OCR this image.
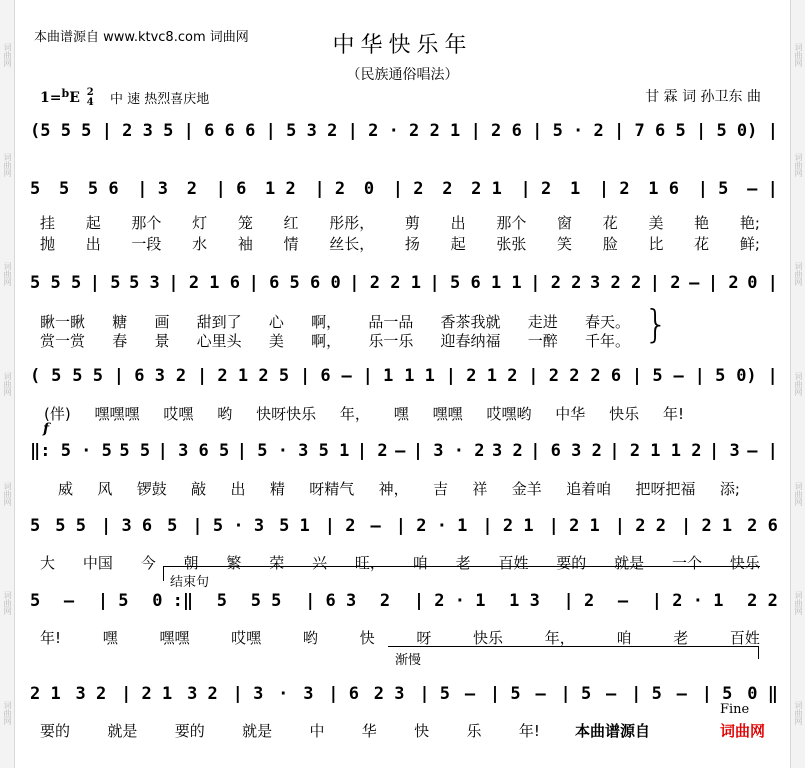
词曲网
词曲网
词曲网
词曲网
词曲网
词曲网
词曲网
词曲网
词曲网
词曲网
词曲网
词曲网
词曲网
词曲网
本曲谱源自 www.ktvc8.com 词曲网	中华快乐年
（民族通俗唱法）
1=$^b$E 2
4 中 速 热烈喜庆地	甘 霖 词 孙卫东 曲
(5 5 5 | 2 3 5 | 6 6 6 | 5 3 2 | 2 · 2 2 1 | 2 6 | 5 · 2 | 7 6 5 | 5 0) |
5 5 5 6 | 3 2 | 6 1 2 | 2 0 | 2 2 2 1 | 2 1 | 2 1 6 | 5 — |
挂 起 那个 灯 笼 红 彤彤， 剪 出 那个 窗 花 美 艳 艳;
抛 出 一段 水 袖 情 丝长， 扬 起 张张 笑 脸 比 花 鲜;
5 5 5 | 5 5 3 | 2 1 6 | 6 5 6 0 | 2 2 1 | 5 6 1 1 | 2 2 3 2 2 | 2 — | 2 0 |
瞅一瞅 糖 画 甜到了 心 啊， 品一品 香茶我就 走进 春天。
赏一赏 春 景 心里头 美 啊， 乐一乐 迎春纳福 一醉 千年。 }
( 5 5 5 | 6 3 2 | 2 1 2 5 | 6 — | 1 1 1 | 2 1 2 | 2 2 2 6 | 5 — | 5 0) |
(伴) 嘿嘿嘿 哎嘿 哟 快呀快乐 年， 嘿 嘿嘿 哎嘿哟 中华 快乐 年!
f
‖: 5 · 5 5 5 | 3 6 5 | 5 · 3 5 1 | 2 — | 3 · 2 3 2 | 6 3 2 | 2 1 1 2 | 3 — |
威 风 锣鼓 敲 出 精 呀精气 神， 吉 祥 金羊 追着咱 把呀把福 添;
5 5 5 | 3 6 5 | 5 · 3 5 1 | 2 — | 2 · 1 | 2 1 | 2 1 | 2 2 | 2 1 2 6
大 中国 今 朝 繁 荣 兴 旺， 咱 老 百姓 要的 就是 一个 快乐
结束句
5 — | 5 0 :‖ 5 5 5 | 6 3 2 | 2 · 1 1 3 | 2 — | 2 · 1 2 2
年!	嘿	嘿嘿	哎嘿	哟	快	呀	快乐	年，	咱	老	百姓
渐慢
2 1 3 2 | 2 1 3 2 | 3 · 3 | 6 2 3 | 5 — | 5 — | 5 — | 5 — | 5 0 ‖
要的 就是 要的 就是 中 华 快 乐 年!
Fine
本曲谱源自	词曲网
